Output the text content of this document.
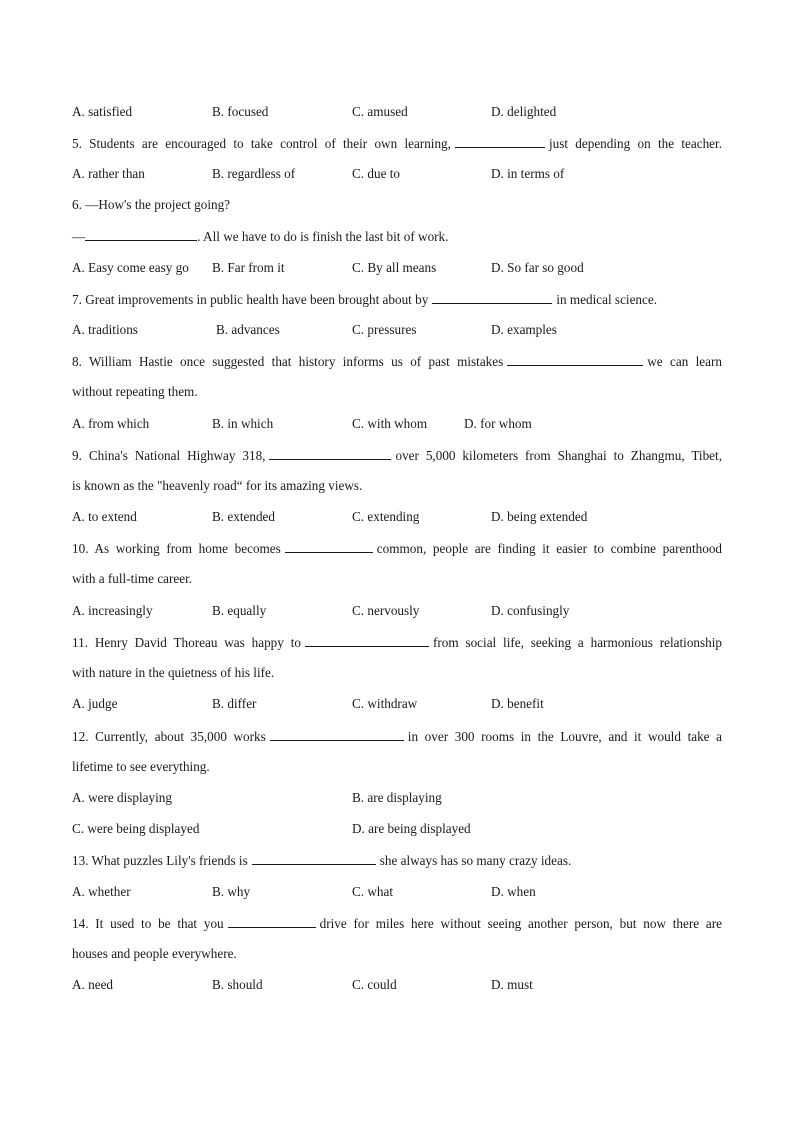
A. satisfied	B. focused	C. amused	D. delighted
5. Students are encouraged to take control of their own learning,	just depending on the teacher.
A. rather than	B. regardless of	C. due to	D. in terms of
6. —How's the project going?
—	. All we have to do is finish the last bit of work.
A. Easy come easy go B. Far from it	C. By all means	D. So far so good
7. Great improvements in public health have been brought about by	in medical science.
A. traditions	B. advances	C. pressures	D. examples
8. William Hastie once suggested that history informs us of past mistakes	we can learn
without repeating them.
A. from which	B. in which	C. with whom	D. for whom
9. China's National Highway 318,	over 5,000 kilometers from Shanghai to Zhangmu, Tibet,
is known as the "heavenly road“ for its amazing views.
A. to extend	B. extended	C. extending	D. being extended
10. As working from home becomes	common, people are finding it easier to combine parenthood
with a full-time career.
A. increasingly	B. equally	C. nervously	D. confusingly
11. Henry David Thoreau was happy to	from social life, seeking a harmonious relationship
with nature in the quietness of his life.
A. judge	B. differ	C. withdraw	D. benefit
12. Currently, about 35,000 works	in over 300 rooms in the Louvre, and it would take a
lifetime to see everything.
A. were displaying	B. are displaying
C. were being displayed	D. are being displayed
13. What puzzles Lily's friends is	she always has so many crazy ideas.
A. whether	B. why	C. what	D. when
14. It used to be that you	drive for miles here without seeing another person, but now there are
houses and people everywhere.
A. need	B. should	C. could	D. must
